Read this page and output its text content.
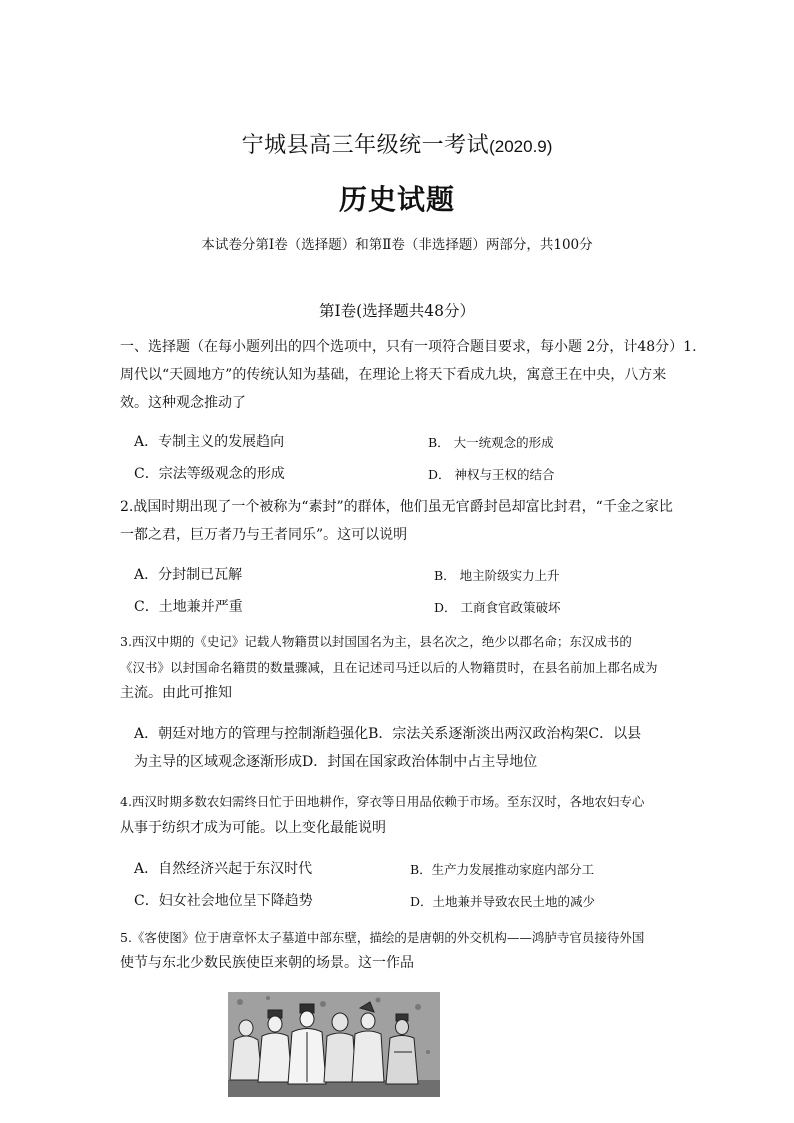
宁城县高三年级统一考试(2020.9)
历史试题
本试卷分第Ⅰ卷（选择题）和第Ⅱ卷（非选择题）两部分，共100分
第Ⅰ卷(选择题共48分）
一、选择题（在每小题列出的四个选项中，只有一项符合题目要求，每小题 2分，计48分）1.
周代以“天圆地方”的传统认知为基础，在理论上将天下看成九块，寓意王在中央，八方来
效。这种观念推动了
A．专制主义的发展趋向	B． 大一统观念的形成
C．宗法等级观念的形成	D． 神权与王权的结合
2.战国时期出现了一个被称为“素封”的群体，他们虽无官爵封邑却富比封君，“千金之家比
一都之君，巨万者乃与王者同乐”。这可以说明
A．分封制已瓦解	B． 地主阶级实力上升
C．土地兼并严重	D． 工商食官政策破坏
3.西汉中期的《史记》记载人物籍贯以封国国名为主，县名次之，绝少以郡名命；东汉成书的
《汉书》以封国命名籍贯的数量骤减，且在记述司马迁以后的人物籍贯时，在县名前加上郡名成为
主流。由此可推知
A．朝廷对地方的管理与控制渐趋强化B．宗法关系逐渐淡出两汉政治构架C．以县
为主导的区域观念逐渐形成D．封国在国家政治体制中占主导地位
4.西汉时期多数农妇需终日忙于田地耕作，穿衣等日用品依赖于市场。至东汉时，各地农妇专心
从事于纺织才成为可能。以上变化最能说明
A．自然经济兴起于东汉时代	B．生产力发展推动家庭内部分工
C．妇女社会地位呈下降趋势	D．土地兼并导致农民土地的减少
5.《客使图》位于唐章怀太子墓道中部东壁，描绘的是唐朝的外交机构——鸿胪寺官员接待外国
使节与东北少数民族使臣来朝的场景。这一作品
